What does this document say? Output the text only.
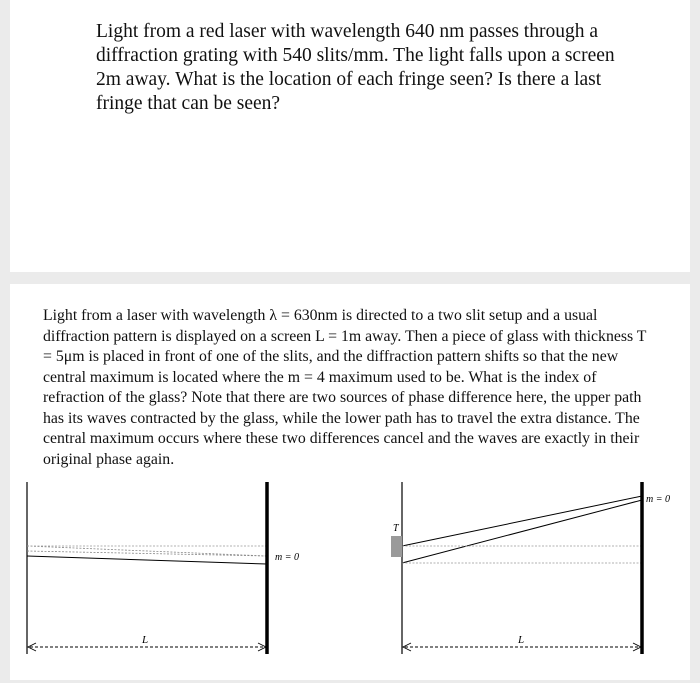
Light from a red laser with wavelength 640 nm passes through a diffraction grating with 540 slits/mm. The light falls upon a screen 2m away. What is the location of each fringe seen? Is there a last fringe that can be seen?

Light from a laser with wavelength λ = 630nm is directed to a two slit setup and a usual diffraction pattern is displayed on a screen L = 1m away. Then a piece of glass with thickness T = 5μm is placed in front of one of the slits, and the diffraction pattern shifts so that the new central maximum is located where the m = 4 maximum used to be. What is the index of refraction of the glass? Note that there are two sources of phase difference here, the upper path has its waves contracted by the glass, while the lower path has to travel the extra distance. The central maximum occurs where these two differences cancel and the waves are exactly in their original phase again.

m = 0
L
T
m = 0
L
